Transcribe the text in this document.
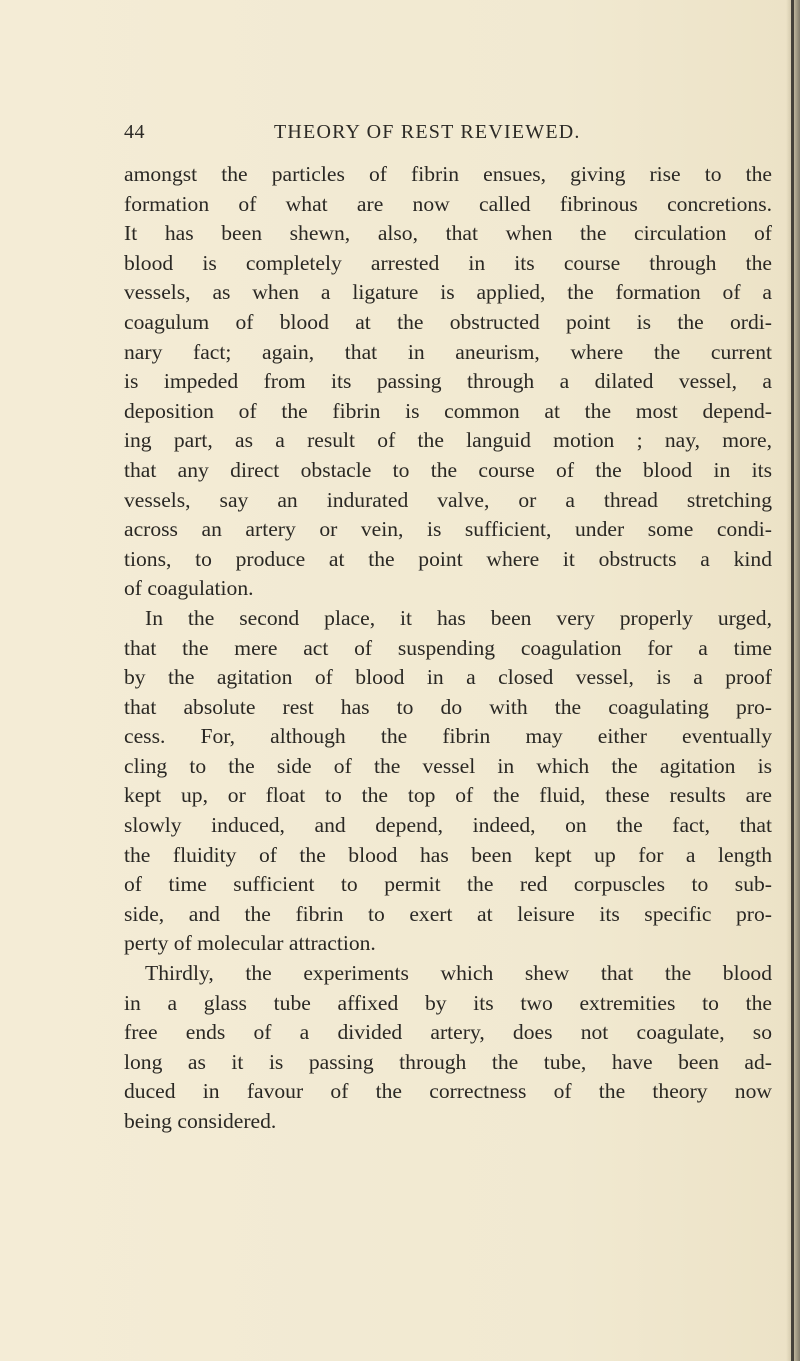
44	THEORY OF REST REVIEWED.
amongst the particles of fibrin ensues, giving rise to the
formation of what are now called fibrinous concretions.
It has been shewn, also, that when the circulation of
blood is completely arrested in its course through the
vessels, as when a ligature is applied, the formation of a
coagulum of blood at the obstructed point is the ordi-
nary fact; again, that in aneurism, where the current
is impeded from its passing through a dilated vessel, a
deposition of the fibrin is common at the most depend-
ing part, as a result of the languid motion ; nay, more,
that any direct obstacle to the course of the blood in its
vessels, say an indurated valve, or a thread stretching
across an artery or vein, is sufficient, under some condi-
tions, to produce at the point where it obstructs a kind
of coagulation.
In the second place, it has been very properly urged,
that the mere act of suspending coagulation for a time
by the agitation of blood in a closed vessel, is a proof
that absolute rest has to do with the coagulating pro-
cess. For, although the fibrin may either eventually
cling to the side of the vessel in which the agitation is
kept up, or float to the top of the fluid, these results are
slowly induced, and depend, indeed, on the fact, that
the fluidity of the blood has been kept up for a length
of time sufficient to permit the red corpuscles to sub-
side, and the fibrin to exert at leisure its specific pro-
perty of molecular attraction.
Thirdly, the experiments which shew that the blood
in a glass tube affixed by its two extremities to the
free ends of a divided artery, does not coagulate, so
long as it is passing through the tube, have been ad-
duced in favour of the correctness of the theory now
being considered.
